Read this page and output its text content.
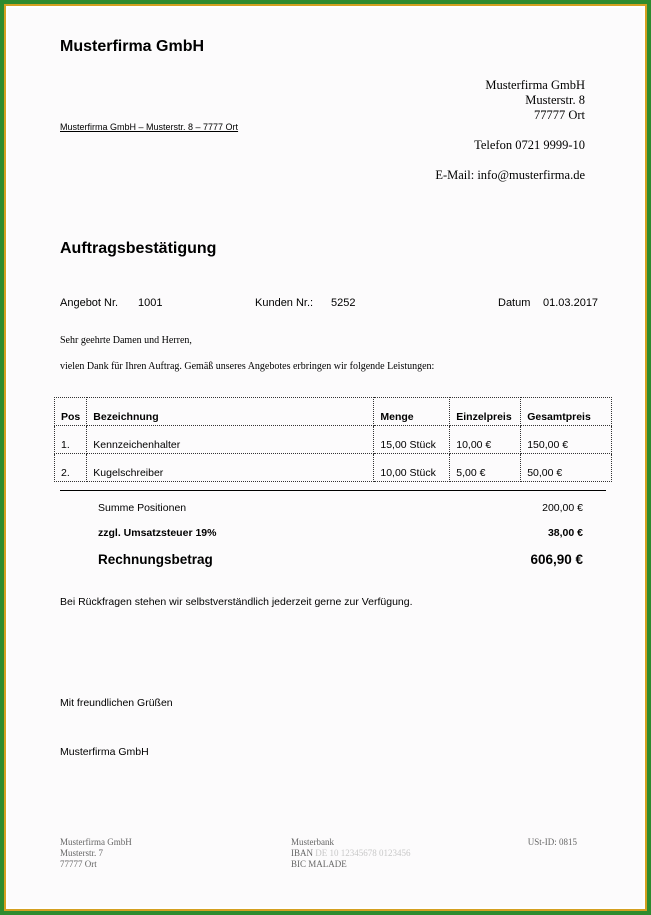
Musterfirma GmbH
Musterfirma GmbH
Musterstr. 8
77777 Ort
Musterfirma GmbH – Musterstr. 8 – 7777 Ort
Telefon 0721 9999-10
E-Mail: info@musterfirma.de
Auftragsbestätigung
Angebot Nr. 1001	Kunden Nr.: 5252	Datum 01.03.2017
Sehr geehrte Damen und Herren,
vielen Dank für Ihren Auftrag. Gemäß unseres Angebotes erbringen wir folgende Leistungen:
Pos	Bezeichnung	Menge	Einzelpreis	Gesamtpreis
1.	Kennzeichenhalter	15,00 Stück	10,00 €	150,00 €
2.	Kugelschreiber	10,00 Stück	5,00 €	50,00 €
Summe Positionen	200,00 €
zzgl. Umsatzsteuer 19%	38,00 €
Rechnungsbetrag	606,90 €
Bei Rückfragen stehen wir selbstverständlich jederzeit gerne zur Verfügung.
Mit freundlichen Grüßen
Musterfirma GmbH
Musterfirma GmbH
Musterstr. 7
77777 Ort
Musterbank
IBAN DE 10 12345678 0123456
BIC MALADE
USt-ID: 0815
